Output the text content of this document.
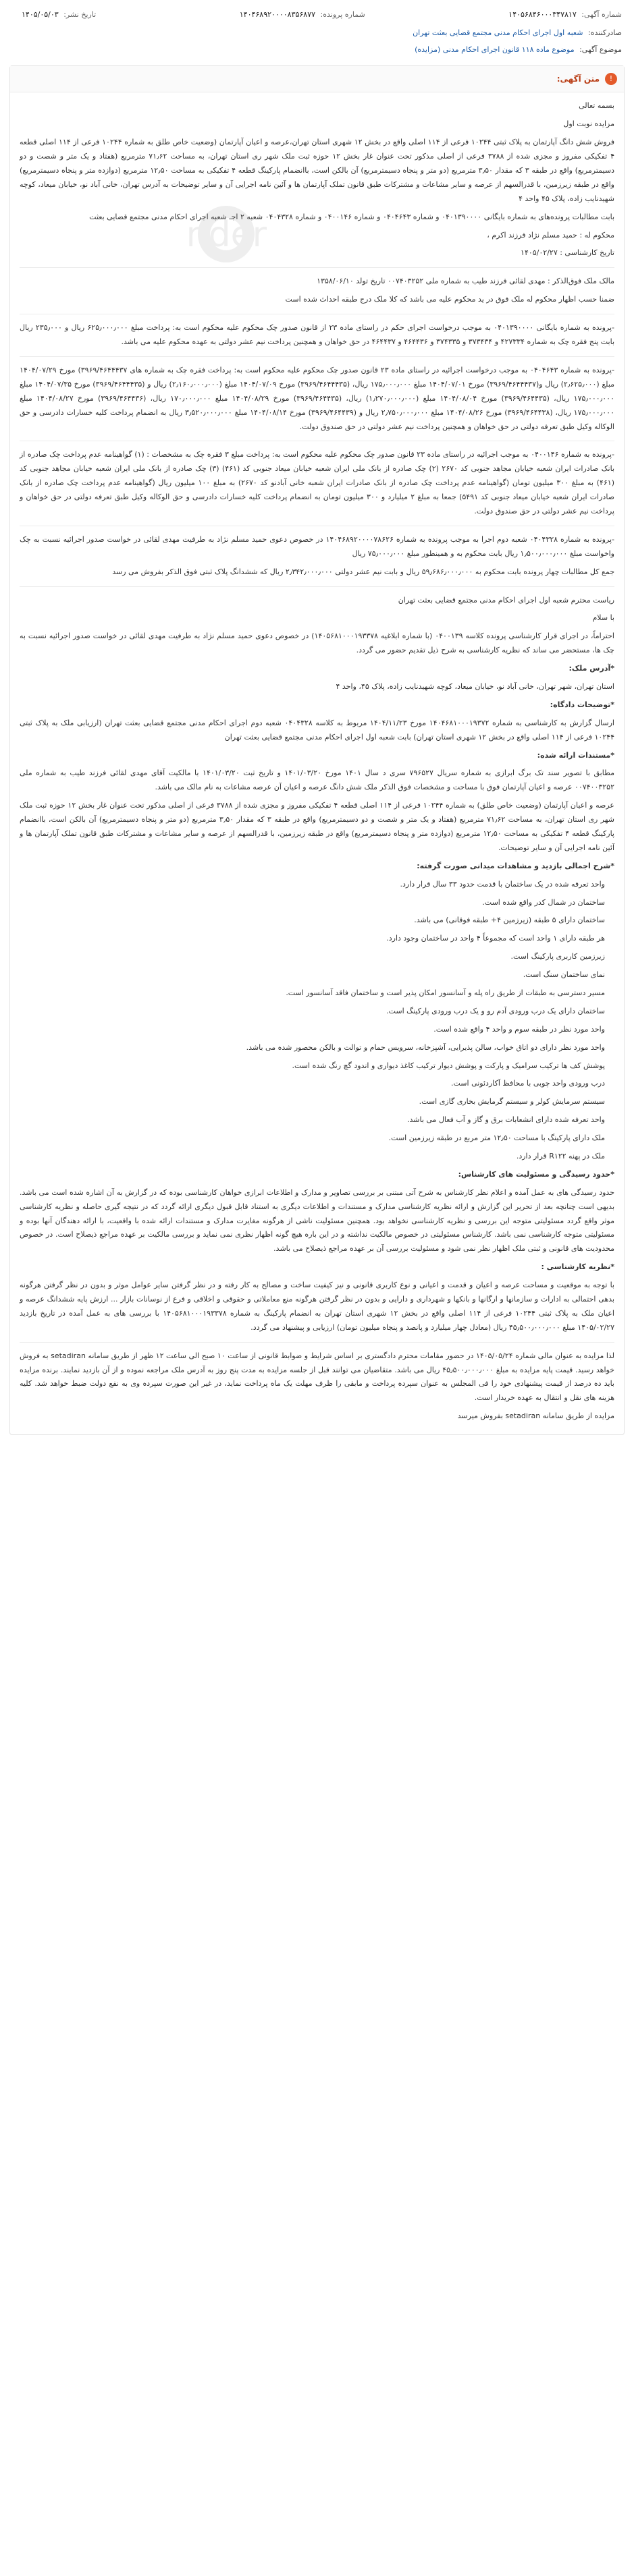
شماره آگهی: ۱۴۰۵۶۸۴۶۰۰۰۳۴۷۸۱۷
شماره پرونده: ۱۴۰۴۶۸۹۲۰۰۰۰۸۳۵۶۸۷۷
تاریخ نشر: ۱۴۰۵/۰۵/۰۳
صادرکننده: شعبه اول اجرای احکام مدنی مجتمع قضایی بعثت تهران
موضوع آگهی: موضوع ماده ۱۱۸ قانون اجرای احکام مدنی (مزایده)
!
متن آگهی:
nder

بسمه تعالی

مزایده نوبت اول

فروش شش دانگ آپارتمان به پلاک ثبتی ۱۰۲۴۴ فرعی از ۱۱۴ اصلی واقع در بخش ۱۲ شهری استان تهران،عرصه و اعیان آپارتمان (وضعیت خاص طلق به شماره ۱۰۲۴۴ فرعی از ۱۱۴ اصلی قطعه ۴ تفکیکی مفروز و مجزی شده از ۳۷۸۸ فرعی از اصلی مذکور تحت عنوان غار بخش ۱۲ حوزه ثبت ملک شهر ری استان تهران، به مساحت ۷۱٫۶۲ مترمربع (هفتاد و یک متر و شصت و دو دسیمترمربع) واقع در طبقه ۳ که مقدار ۳٫۵۰ مترمربع (دو متر و پنجاه دسیمترمربع) آن بالکن است، باانضمام پارکینگ قطعه ۴ تفکیکی به مساحت ۱۲٫۵۰ مترمربع (دوازده متر و پنجاه دسیمترمربع) واقع در طبقه زیرزمین، با قدرالسهم از عرصه و سایر مشاعات و مشترکات طبق قانون تملک آپارتمان ها و آئین نامه اجرایی آن و سایر توضیحات به آدرس تهران، خانی آباد نو، خیابان میعاد، کوچه شهیدنایب زاده، پلاک ۴۵ واحد ۴

بابت مطالبات پرونده‌های به شماره بایگانی ۰۴۰۱۳۹۰۰۰۰ و شماره ۰۴۰۴۶۴۳ و شماره ۰۴۰۰۱۴۶ و شماره ۰۴۰۴۳۲۸ شعبه ۲ اجـ شعبه اجرای احکام مدنی مجتمع قضایی بعثت

محکوم له : حمید مسلم نژاد فرزند اکرم ،

تاریخ کارشناسی : ۱۴۰۵/۰۲/۲۷

مالک ملک فوق‌الذکر : مهدی لقائی فرزند طیب به شماره ملی ۰۰۷۴۰۳۲۵۲ تاریخ تولد ۱۳۵۸/۰۶/۱۰

ضمنا حسب اظهار محکوم له ملک فوق در ید محکوم علیه می باشد که کلا ملک درج طبقه احداث شده است

-پرونده به شماره بایگانی ۰۴۰۱۳۹۰۰۰۰ به موجب درخواست اجرای حکم در راستای ماده ۲۳ از قانون صدور چک محکوم علیه محکوم است به: پرداخت مبلغ ۶۲۵٫۰۰۰٫۰۰۰ ریال و ۲۳۵٫۰۰۰ ریال بابت پنج فقره چک به شماره ۴۲۷۳۳۴ و ۳۷۳۴۳۴ و ۳۷۴۳۳۵ و ۴۶۴۴۳۶ و ۴۶۴۴۳۷ در حق خواهان و همچنین پرداخت نیم عشر دولتی به عهده محکوم علیه می باشد.

-پرونده به شماره ۰۴۰۴۶۴۳ به موجب درخواست اجرائیه در راستای ماده ۲۳ قانون صدور چک محکوم علیه محکوم است به: پرداخت فقره چک به شماره های ۳۹۶۹/۴۶۴۴۴۳۷) مورخ ۱۴۰۴/۰۷/۲۹ مبلغ (۲٫۶۲۵٫۰۰۰) ریال و(۳۹۶۹/۴۶۴۴۴۳۷) مورخ ۱۴۰۴/۰۷/۰۱ مبلغ ۱۷۵٫۰۰۰٫۰۰۰ ریال، (۳۹۶۹/۴۶۴۴۴۳۵) مورخ ۱۴۰۴/۰۷/۰۹ مبلغ (۲٫۱۶۰٫۰۰۰٫۰۰۰) ریال و (۳۹۶۹/۴۶۴۴۴۳۵) مورخ ۱۴۰۴/۰۷/۳۵ مبلغ ۱۷۵٫۰۰۰٫۰۰۰ ریال، (۳۹۶۹/۴۶۴۴۳۵) مورخ ۱۴۰۴/۰۸/۰۴ مبلغ (۱٫۲۷۰٫۰۰۰٫۰۰۰) ریال، (۳۹۶۹/۴۶۴۴۳۵) مورخ ۱۴۰۴/۰۸/۲۹ مبلغ ۱۷۰٫۰۰۰٫۰۰۰ ریال، (۳۹۶۹/۴۶۴۴۳۶) مورخ ۱۴۰۴/۰۸/۲۷ مبلغ ۱۷۵٫۰۰۰٫۰۰۰ ریال، (۳۹۶۹/۴۶۴۴۳۸) مورخ ۱۴۰۴/۰۸/۲۶ مبلغ ۲٫۷۵۰٫۰۰۰٫۰۰۰ ریال و (۳۹۶۹/۴۶۴۴۳۹) مورخ ۱۴۰۴/۰۸/۱۴ مبلغ ۳٫۵۲۰٫۰۰۰٫۰۰۰ ریال به انضمام پرداخت کلیه خسارات دادرسی و حق الوکاله وکیل طبق تعرفه دولتی در حق خواهان و همچنین پرداخت نیم عشر دولتی در حق صندوق دولت.

-پرونده به شماره ۰۴۰۰۱۴۶ به موجب اجرائیه در راستای ماده ۲۳ قانون صدور چک محکوم علیه محکوم است به: پرداخت مبلغ ۳ فقره چک به مشخصات : (۱) گواهینامه عدم پرداخت چک صادره از بانک صادرات ایران شعبه خیابان مجاهد جنوبی کد ۲۶۷۰ (۲) چک صادره از بانک ملی ایران شعبه خیابان میعاد جنوبی کد (۴۶۱) (۳) چک صادره از بانک ملی ایران شعبه خیابان مجاهد جنوبی کد (۴۶۱) به مبلغ ۳۰۰ میلیون تومان (گواهینامه عدم پرداخت چک صادره از بانک صادرات ایران شعبه خانی آبادنو کد ۲۶۷۰) به مبلغ ۱۰۰ میلیون ریال (گواهینامه عدم پرداخت چک صادره از بانک صادرات ایران شعبه خیابان میعاد جنوبی کد ۵۴۹۱) جمعا به مبلغ ۲ میلیارد و ۳۰۰ میلیون تومان به انضمام پرداخت کلیه خسارات دادرسی و حق الوکاله وکیل طبق تعرفه دولتی در حق خواهان و پرداخت نیم عشر دولتی در حق صندوق دولت.

-پرونده به شماره ۰۴۰۴۳۲۸ شعبه دوم اجرا به موجب پرونده به شماره ۱۴۰۴۶۸۹۲۰۰۰۰۷۸۶۲۶ در خصوص دعوی حمید مسلم نژاد به طرفیت مهدی لقائی در خواست صدور اجرائیه نسبت به چک واخواست مبلغ ۱٫۵۰۰٫۰۰۰٫۰۰۰ ریال بابت محکوم به و همینطور مبلغ ۷۵٫۰۰۰٫۰۰۰ ریال

جمع کل مطالبات چهار پرونده بابت محکوم به ۵۹٫۶۸۶٫۰۰۰٫۰۰۰ ریال و بابت نیم عشر دولتی ۲٫۳۴۲٫۰۰۰٫۰۰۰ ریال که ششدانگ پلاک ثبتی فوق الذکر بفروش می رسد

ریاست محترم شعبه اول اجرای احکام مدنی مجتمع قضایی بعثت تهران

با سلام

احتراماً، در اجرای قرار کارشناسی پرونده کلاسه ۰۴۰۰۱۳۹ (با شماره ابلاغیه ۱۴۰۵۶۸۱۰۰۰۱۹۳۳۷۸) در خصوص دعوی حمید مسلم نژاد به طرفیت مهدی لقائی در خواست صدور اجرائیه نسبت به چک ها، مستحضر می ساند که نظریه کارشناسی به شرح ذیل تقدیم حضور می گردد.

*آدرس ملک:

استان تهران، شهر تهران، خانی آباد نو، خیابان میعاد، کوچه شهیدنایب زاده، پلاک ۴۵، واحد ۴

*توضیحات دادگاه:

ارسال گزارش به کارشناسی به شماره ۱۴۰۴۶۸۱۰۰۰۱۹۳۷۲ مورخ ۱۴۰۴/۱۱/۲۳ مربوط به کلاسه ۰۴۰۴۳۲۸ شعبه دوم اجرای احکام مدنی مجتمع قضایی بعثت تهران (ارزیابی ملک به پلاک ثبتی ۱۰۲۴۴ فرعی از ۱۱۴ اصلی واقع در بخش ۱۲ شهری استان تهران) بابت شعبه اول اجرای احکام مدنی مجتمع قضایی بعثت تهران

*مستندات ارائه شده:

مطابق با تصویر سند تک برگ ابرازی به شماره سریال ۷۹۶۵۲۷ سری د سال ۱۴۰۱ مورخ ۱۴۰۱/۰۳/۲۰ و تاریخ ثبت ۱۴۰۱/۰۳/۲۰ با مالکیت آقای مهدی لقائی فرزند طیب به شماره ملی ۰۰۷۴۰۰۳۲۵۲ عرصه و اعیان آپارتمان فوق با مساحت و مشخصات فوق الذکر ملک شش دانگ عرصه و اعیان آن عرصه مشاعات به نام مالک می باشد.

عرصه و اعیان آپارتمان (وضعیت خاص طلق) به شماره ۱۰۲۴۴ فرعی از ۱۱۴ اصلی قطعه ۴ تفکیکی مفروز و مجزی شده از ۳۷۸۸ فرعی از اصلی مذکور تحت عنوان غار بخش ۱۲ حوزه ثبت ملک شهر ری استان تهران، به مساحت ۷۱٫۶۲ مترمربع (هفتاد و یک متر و شصت و دو دسیمترمربع) واقع در طبقه ۳ که مقدار ۳٫۵۰ مترمربع (دو متر و پنجاه دسیمترمربع) آن بالکن است، باانضمام پارکینگ قطعه ۴ تفکیکی به مساحت ۱۲٫۵۰ مترمربع (دوازده متر و پنجاه دسیمترمربع) واقع در طبقه زیرزمین، با قدرالسهم از عرصه و سایر مشاعات و مشترکات طبق قانون تملک آپارتمان ها و آئین نامه اجرایی آن و سایر توضیحات.

*شرح اجمالی بازدید و مشاهدات میدانی صورت گرفته:

واحد تعرفه شده در یک ساختمان با قدمت حدود ۳۳ سال قرار دارد.

ساختمان در شمال کدر واقع شده است.

ساختمان دارای ۵ طبقه (زیرزمین ۴+ طبقه فوقانی) می باشد.

هر طبقه دارای ۱ واحد است که مجموعاً ۴ واحد در ساختمان وجود دارد.

زیرزمین کاربری پارکینگ است.

نمای ساختمان سنگ است.

مسیر دسترسی به طبقات از طریق راه پله و آسانسور امکان پذیر است و ساختمان فاقد آسانسور است.

ساختمان دارای یک درب ورودی آدم رو و یک درب ورودی پارکینگ است.

واحد مورد نظر در طبقه سوم و واحد ۴ واقع شده است.

واحد مورد نظر دارای دو اتاق خواب، سالن پذیرایی، آشپزخانه، سرویس حمام و توالت و بالکن محصور شده می باشد.

پوشش کف ها ترکیب سرامیک و پارکت و پوشش دیوار ترکیب کاغذ دیواری و اندود گچ رنگ شده است.

درب ورودی واحد چوبی با محافظ آکاردئونی است.

سیستم سرمایش کولر و سیستم گرمایش بخاری گازی است.

واحد تعرفه شده دارای انشعابات برق و گاز و آب فعال می باشد.

ملک دارای پارکینگ با مساحت ۱۲٫۵۰ متر مربع در طبقه زیرزمین است.

ملک در پهنه R۱۲۲ قرار دارد.

*حدود رسیدگی و مسئولیت های کارشناس:

حدود رسیدگی های به عمل آمده و اعلام نظر کارشناس به شرح آتی مبتنی بر بررسی تصاویر و مدارک و اطلاعات ابرازی خواهان کارشناسی بوده که در گزارش به آن اشاره شده است می باشد. بدیهی است چنانچه بعد از تحریر این گزارش و ارائه نظریه کارشناسی مدارک و مستندات و اطلاعات دیگری به استناد قابل قبول دیگری ارائه گردد که در نتیجه گیری حاصله و نظریه کارشناسی موثر واقع گردد مسئولیتی متوجه این بررسی و نظریه کارشناسی نخواهد بود. همچنین مسئولیت ناشی از هرگونه مغایرت مدارک و مستندات ارائه شده با واقعیت، با ارائه دهندگان آنها بوده و مسئولیتی متوجه کارشناسی نمی باشد. کارشناس مسئولیتی در خصوص مالکیت نداشته و در این باره هیچ گونه اظهار نظری نمی نماید و بررسی مالکیت بر عهده مراجع ذیصلاح است. در خصوص محدودیت های قانونی و ثبتی ملک اظهار نظر نمی شود و مسئولیت بررسی آن بر عهده مراجع ذیصلاح می باشد.

*نظریه کارشناسی :

با توجه به موقعیت و مساحت عرصه و اعیان و قدمت و اعیانی و نوع کاربری قانونی و نیز کیفیت ساخت و مصالح به کار رفته و در نظر گرفتن سایر عوامل موثر و بدون در نظر گرفتن هرگونه بدهی احتمالی به ادارات و سازمانها و ارگانها و بانکها و شهرداری و دارایی و بدون در نظر گرفتن هرگونه منع معاملاتی و حقوقی و اخلاقی و فرع از نوسانات بازار ... ارزش پایه ششدانگ عرصه و اعیان ملک به پلاک ثبتی ۱۰۲۴۴ فرعی از ۱۱۴ اصلی واقع در بخش ۱۲ شهری استان تهران به انضمام پارکینگ به شماره ۱۴۰۵۶۸۱۰۰۰۱۹۳۳۷۸ با بررسی های به عمل آمده در تاریخ بازدید ۱۴۰۵/۰۲/۲۷ مبلغ ۴۵٫۵۰۰٫۰۰۰٫۰۰۰ ریال (معادل چهار میلیارد و پانصد و پنجاه میلیون تومان) ارزیابی و پیشنهاد می گردد.

لذا مزایده به عنوان مالی شماره ۱۴۰۵/۰۵/۲۴ در حضور مقامات محترم دادگستری بر اساس شرایط و ضوابط قانونی از ساعت ۱۰ صبح الی ساعت ۱۲ ظهر از طریق سامانه setadiran به فروش خواهد رسید. قیمت پایه مزایده به مبلغ ۴۵٫۵۰۰٫۰۰۰٫۰۰۰ ریال می باشد. متقاضیان می توانند قبل از جلسه مزایده به مدت پنج روز به آدرس ملک مراجعه نموده و از آن بازدید نمایند. برنده مزایده باید ده درصد از قیمت پیشنهادی خود را فی المجلس به عنوان سپرده پرداخت و مابقی را ظرف مهلت یک ماه پرداخت نماید، در غیر این صورت سپرده وی به نفع دولت ضبط خواهد شد. کلیه هزینه های نقل و انتقال به عهده خریدار است.

مزایده از طریق سامانه setadiran بفروش میرسد
